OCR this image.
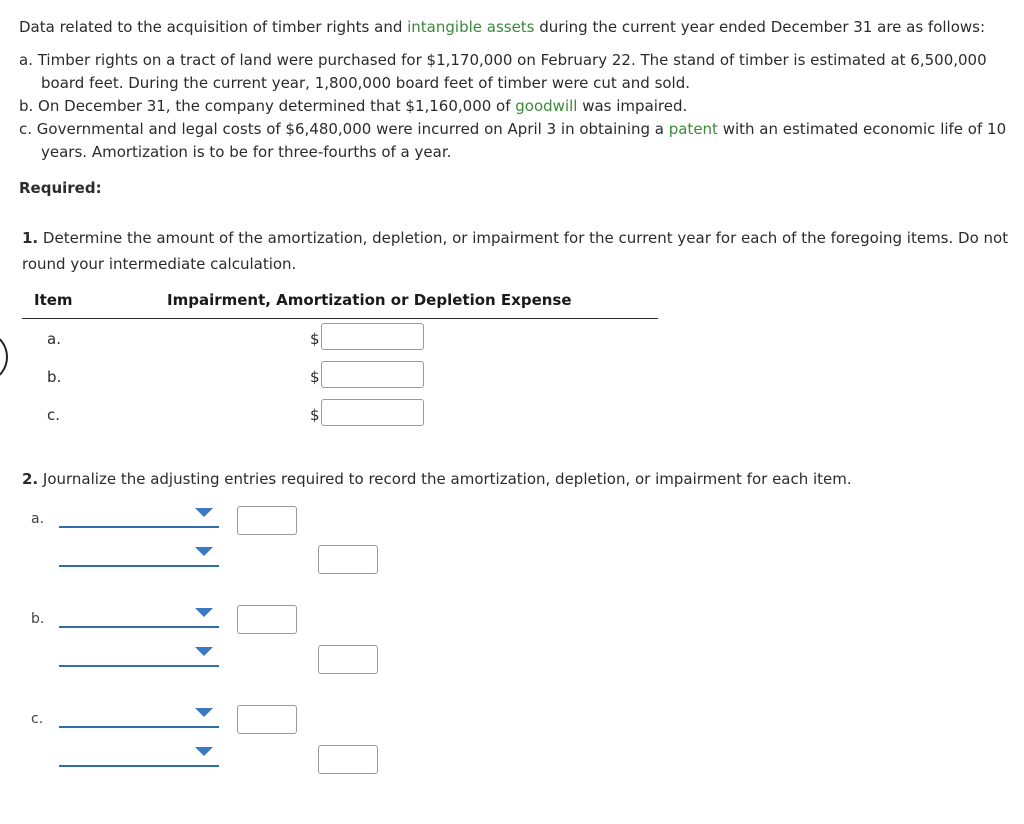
Data related to the acquisition of timber rights and intangible assets during the current year ended December 31 are as follows:
a. Timber rights on a tract of land were purchased for $1,170,000 on February 22. The stand of timber is estimated at 6,500,000 board feet. During the current year, 1,800,000 board feet of timber were cut and sold.
b. On December 31, the company determined that $1,160,000 of goodwill was impaired.
c. Governmental and legal costs of $6,480,000 were incurred on April 3 in obtaining a patent with an estimated economic life of 10 years. Amortization is to be for three-fourths of a year.
Required:
1. Determine the amount of the amortization, depletion, or impairment for the current year for each of the foregoing items. Do not round your intermediate calculation.
Item	Impairment, Amortization or Depletion Expense
a.	$
b.	$
c.	$
2. Journalize the adjusting entries required to record the amortization, depletion, or impairment for each item.
a.
b.
c.
